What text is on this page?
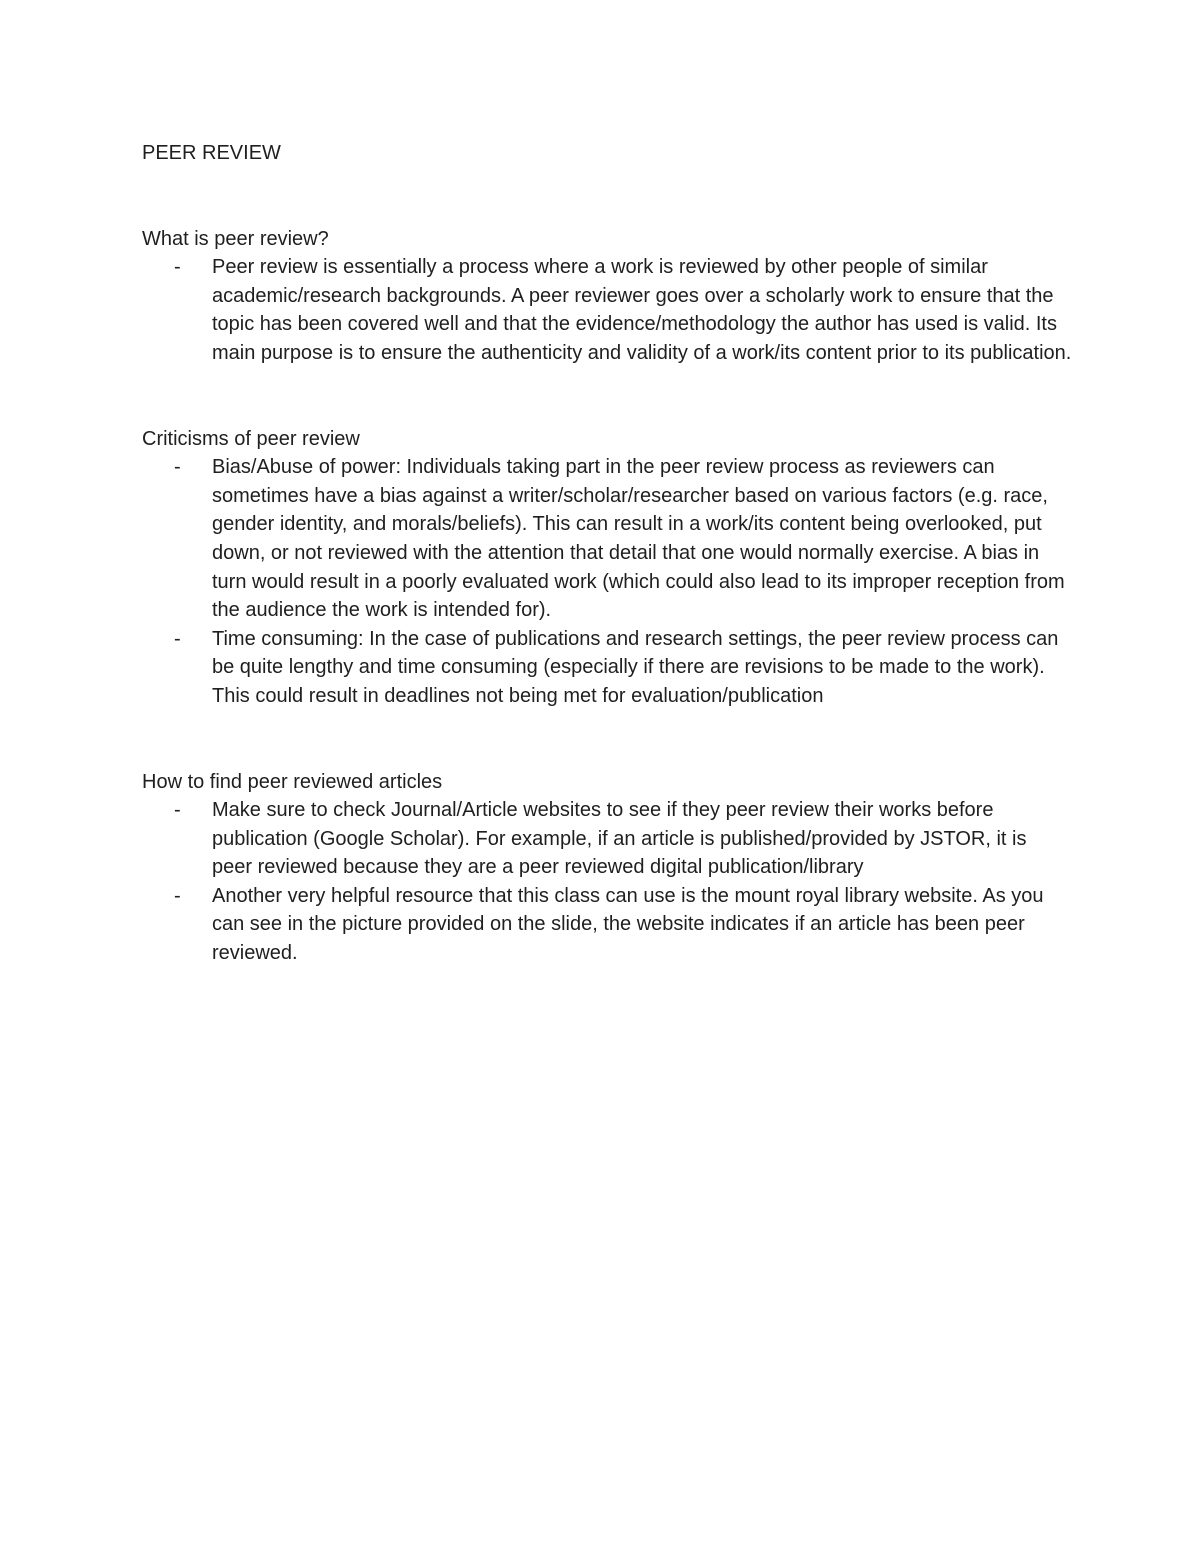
PEER REVIEW
What is peer review?
- Peer review is essentially a process where a work is reviewed by other people of similar academic/research backgrounds. A peer reviewer goes over a scholarly work to ensure that the topic has been covered well and that the evidence/methodology the author has used is valid. Its main purpose is to ensure the authenticity and validity of a work/its content prior to its publication.
Criticisms of peer review
- Bias/Abuse of power: Individuals taking part in the peer review process as reviewers can sometimes have a bias against a writer/scholar/researcher based on various factors (e.g. race, gender identity, and morals/beliefs). This can result in a work/its content being overlooked, put down, or not reviewed with the attention that detail that one would normally exercise. A bias in turn would result in a poorly evaluated work (which could also lead to its improper reception from the audience the work is intended for).
- Time consuming: In the case of publications and research settings, the peer review process can be quite lengthy and time consuming (especially if there are revisions to be made to the work). This could result in deadlines not being met for evaluation/publication
How to find peer reviewed articles
- Make sure to check Journal/Article websites to see if they peer review their works before publication (Google Scholar). For example, if an article is published/provided by JSTOR, it is peer reviewed because they are a peer reviewed digital publication/library
- Another very helpful resource that this class can use is the mount royal library website. As you can see in the picture provided on the slide, the website indicates if an article has been peer reviewed.
